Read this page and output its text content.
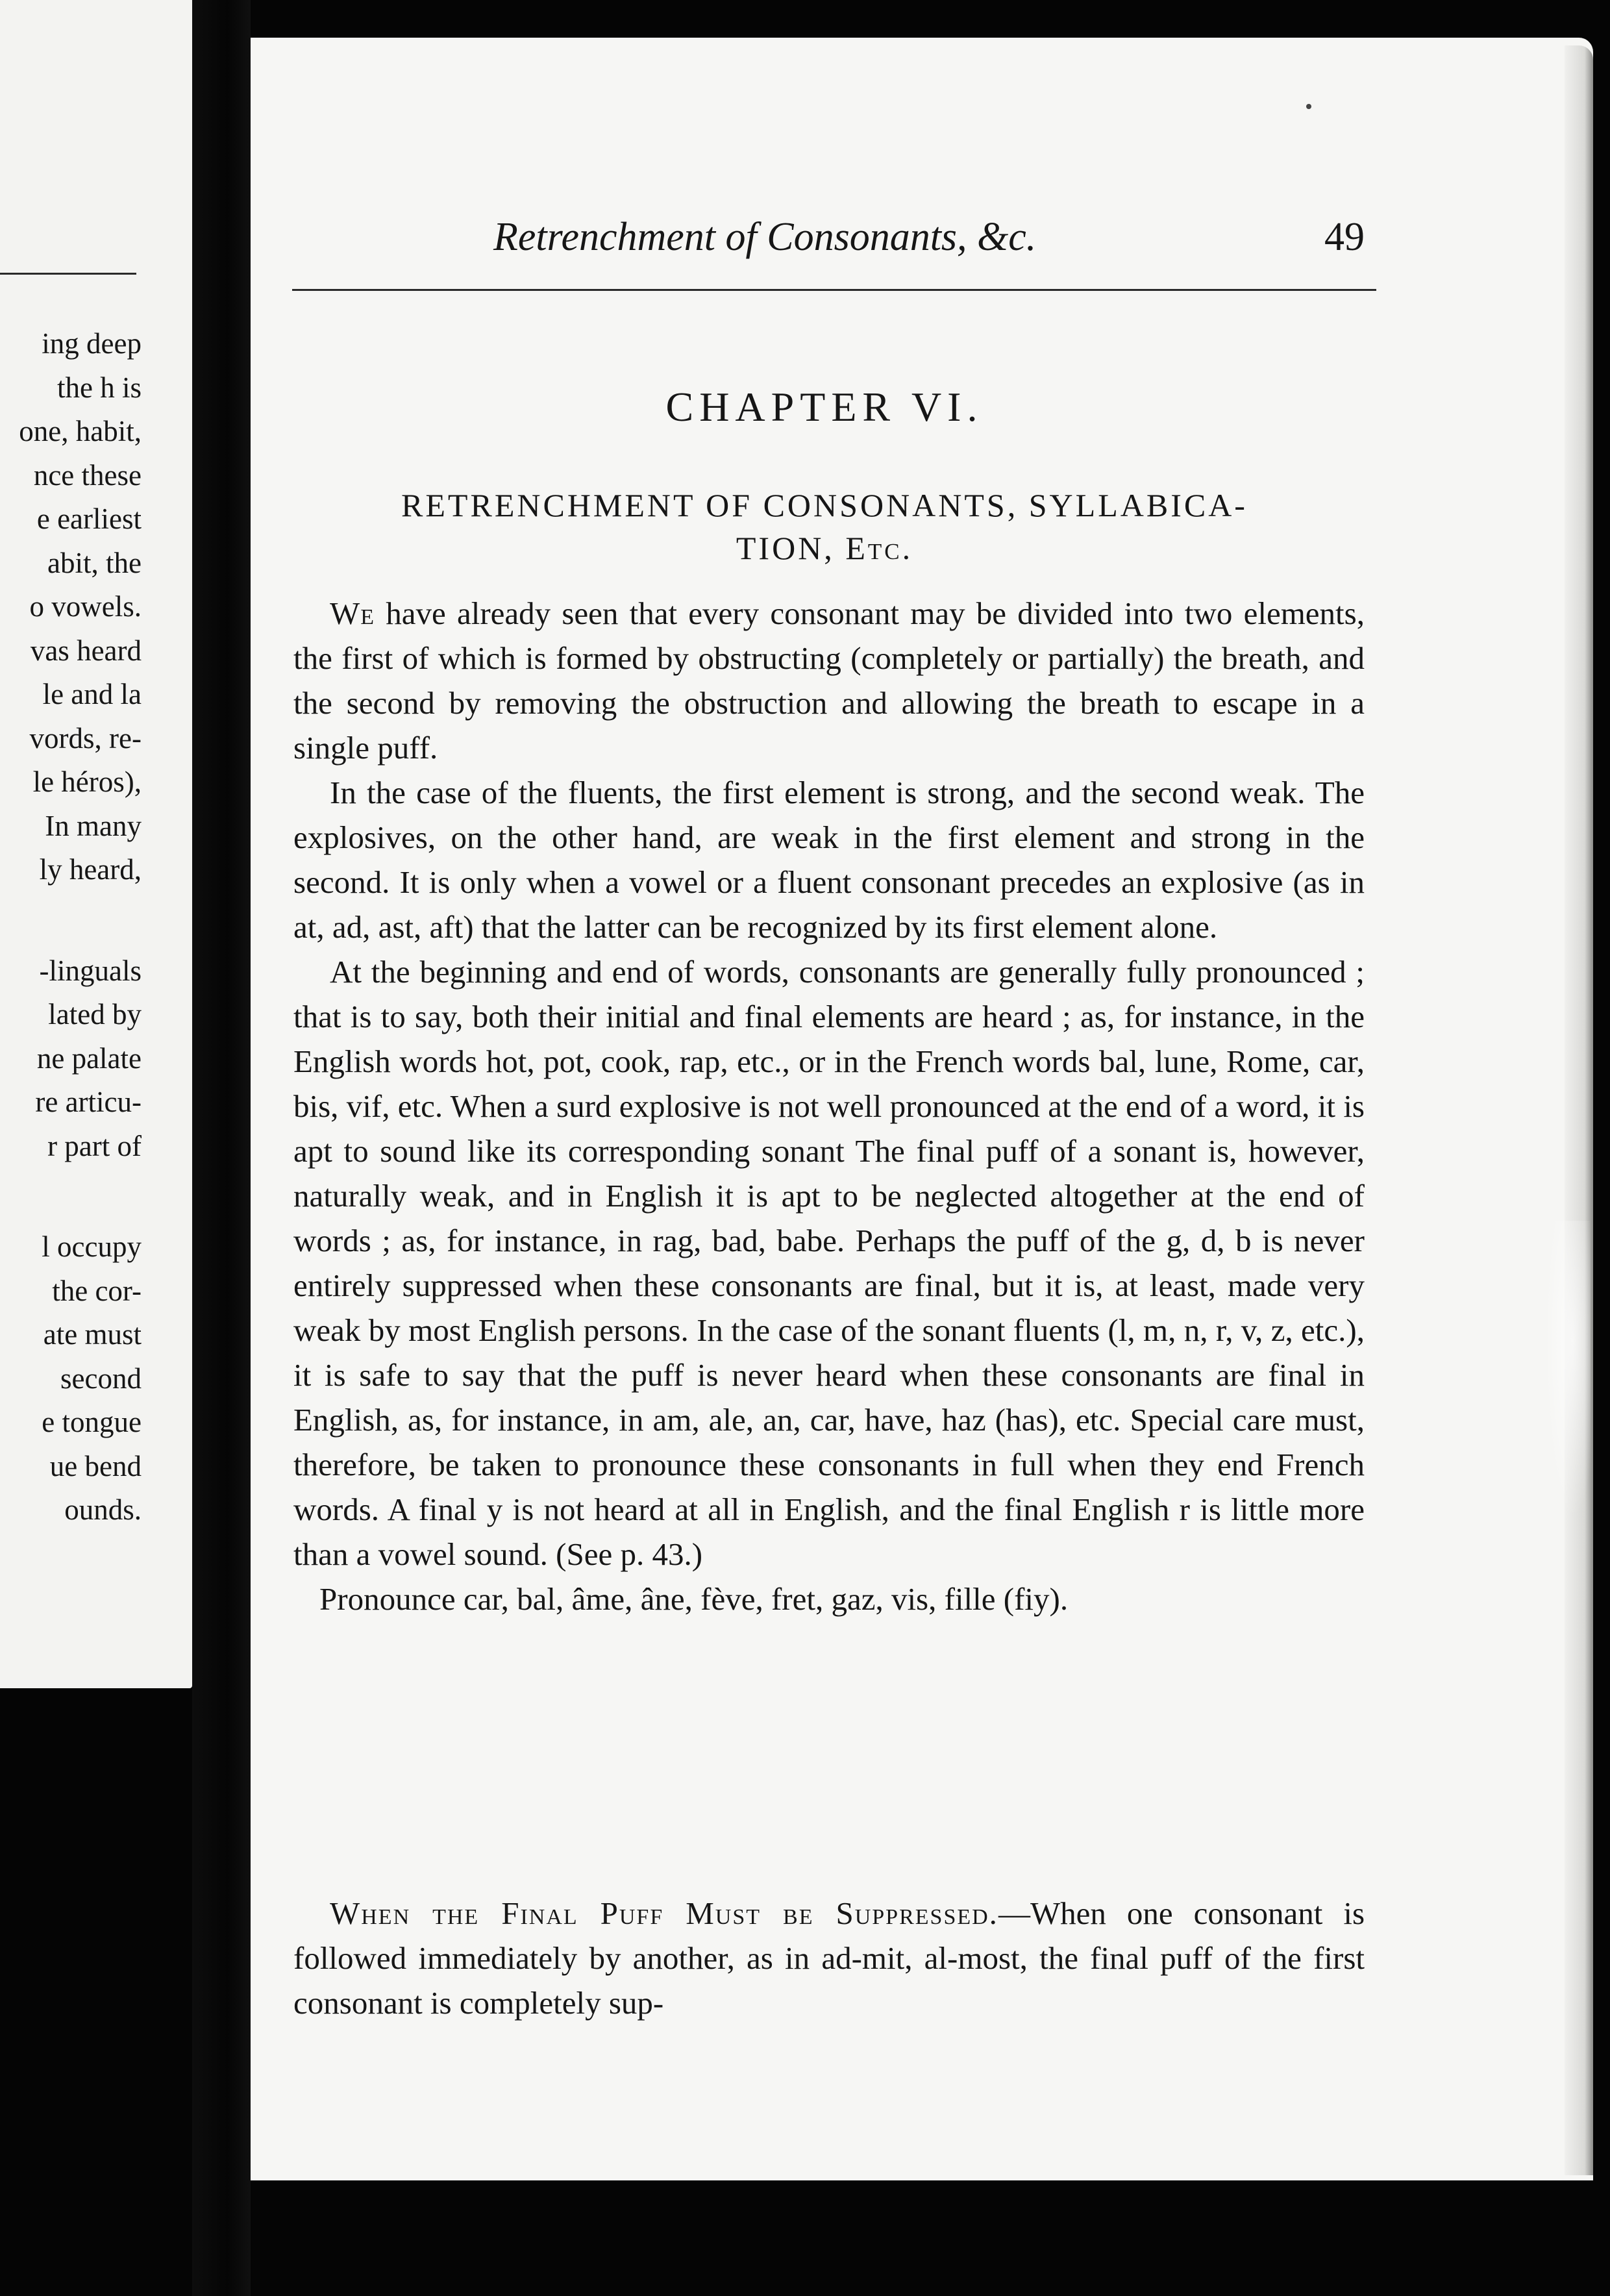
ing deep
the h is
one, habit,
nce these
e earliest
abit, the
o vowels.
vas heard
le and la
vords, re-
le héros),
In many
ly heard,
-linguals
lated by
ne palate
re articu-
r part of
l occupy
the cor-
ate must
second
e tongue
ue bend
ounds.
Retrenchment of Consonants, &c.	49
CHAPTER VI.
RETRENCHMENT OF CONSONANTS, SYLLABICA-
TION, Etc.

We have already seen that every consonant may be divided into two elements, the first of which is formed by obstructing (completely or partially) the breath, and the second by removing the obstruction and allowing the breath to escape in a single puff.

In the case of the fluents, the first element is strong, and the second weak. The explosives, on the other hand, are weak in the first element and strong in the second. It is only when a vowel or a fluent consonant precedes an explosive (as in at, ad, ast, aft) that the latter can be recognized by its first element alone.

At the beginning and end of words, consonants are generally fully pronounced ; that is to say, both their initial and final elements are heard ; as, for instance, in the English words hot, pot, cook, rap, etc., or in the French words bal, lune, Rome, car, bis, vif, etc. When a surd explosive is not well pronounced at the end of a word, it is apt to sound like its corresponding sonant The final puff of a sonant is, however, naturally weak, and in English it is apt to be neglected altogether at the end of words ; as, for instance, in rag, bad, babe. Perhaps the puff of the g, d, b is never entirely suppressed when these consonants are final, but it is, at least, made very weak by most English persons. In the case of the sonant fluents (l, m, n, r, v, z, etc.), it is safe to say that the puff is never heard when these consonants are final in English, as, for instance, in am, ale, an, car, have, haz (has), etc. Special care must, therefore, be taken to pronounce these consonants in full when they end French words. A final y is not heard at all in English, and the final English r is little more than a vowel sound. (See p. 43.)

Pronounce car, bal, âme, âne, fève, fret, gaz, vis, fille (fiy).

When the Final Puff Must be Suppressed.—When one consonant is followed immediately by another, as in ad-mit, al-most, the final puff of the first consonant is completely sup-
